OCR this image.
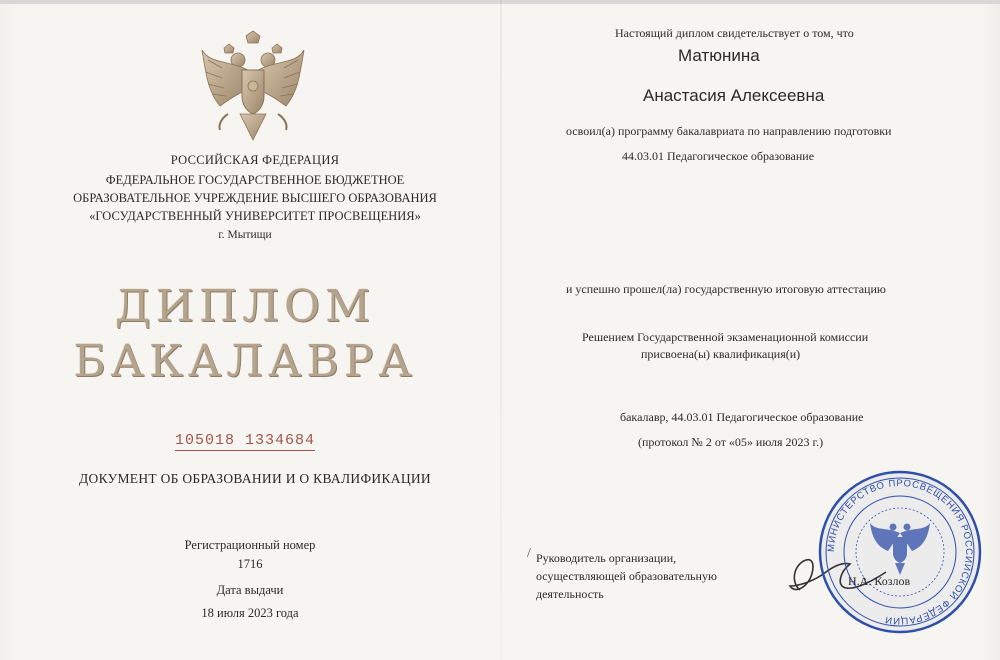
РОССИЙСКАЯ ФЕДЕРАЦИЯ
ФЕДЕРАЛЬНОЕ ГОСУДАРСТВЕННОЕ БЮДЖЕТНОЕ
ОБРАЗОВАТЕЛЬНОЕ УЧРЕЖДЕНИЕ ВЫСШЕГО ОБРАЗОВАНИЯ
«ГОСУДАРСТВЕННЫЙ УНИВЕРСИТЕТ ПРОСВЕЩЕНИЯ»
г. Мытищи
ДИПЛОМ
БАКАЛАВРА
105018 1334684
ДОКУМЕНТ ОБ ОБРАЗОВАНИИ И О КВАЛИФИКАЦИИ
Регистрационный номер
1716
Дата выдачи
18 июля 2023 года
Настоящий диплом свидетельствует о том, что
Матюнина
Анастасия Алексеевна
освоил(а) программу бакалавриата по направлению подготовки
44.03.01 Педагогическое образование
и успешно прошел(ла) государственную итоговую аттестацию
Решением Государственной экзаменационной комиссии
присвоена(ы) квалификация(и)
бакалавр, 44.03.01 Педагогическое образование
(протокол № 2 от «05» июля 2023 г.)
/ Руководитель организации,
осуществляющей образовательную
деятельность
МИНИСТЕРСТВО ПРОСВЕЩЕНИЯ РОССИЙСКОЙ ФЕДЕРАЦИИ
Н.А. Козлов
